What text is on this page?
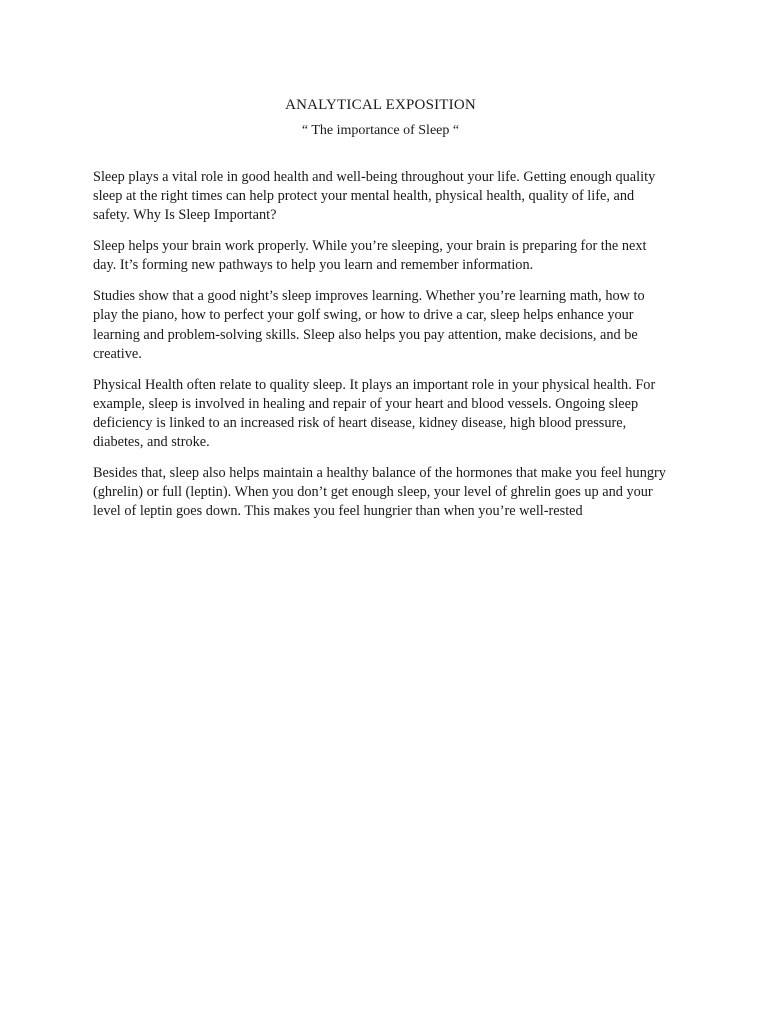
ANALYTICAL EXPOSITION

“ The importance of Sleep “

Sleep plays a vital role in good health and well-being throughout your life. Getting enough quality sleep at the right times can help protect your mental health, physical health, quality of life, and safety. Why Is Sleep Important?

Sleep helps your brain work properly. While you’re sleeping, your brain is preparing for the next day. It’s forming new pathways to help you learn and remember information.

Studies show that a good night’s sleep improves learning. Whether you’re learning math, how to play the piano, how to perfect your golf swing, or how to drive a car, sleep helps enhance your learning and problem-solving skills. Sleep also helps you pay attention, make decisions, and be creative.

Physical Health often relate to quality sleep. It plays an important role in your physical health. For example, sleep is involved in healing and repair of your heart and blood vessels. Ongoing sleep deficiency is linked to an increased risk of heart disease, kidney disease, high blood pressure, diabetes, and stroke.

Besides that, sleep also helps maintain a healthy balance of the hormones that make you feel hungry (ghrelin) or full (leptin). When you don’t get enough sleep, your level of ghrelin goes up and your level of leptin goes down. This makes you feel hungrier than when you’re well-rested
